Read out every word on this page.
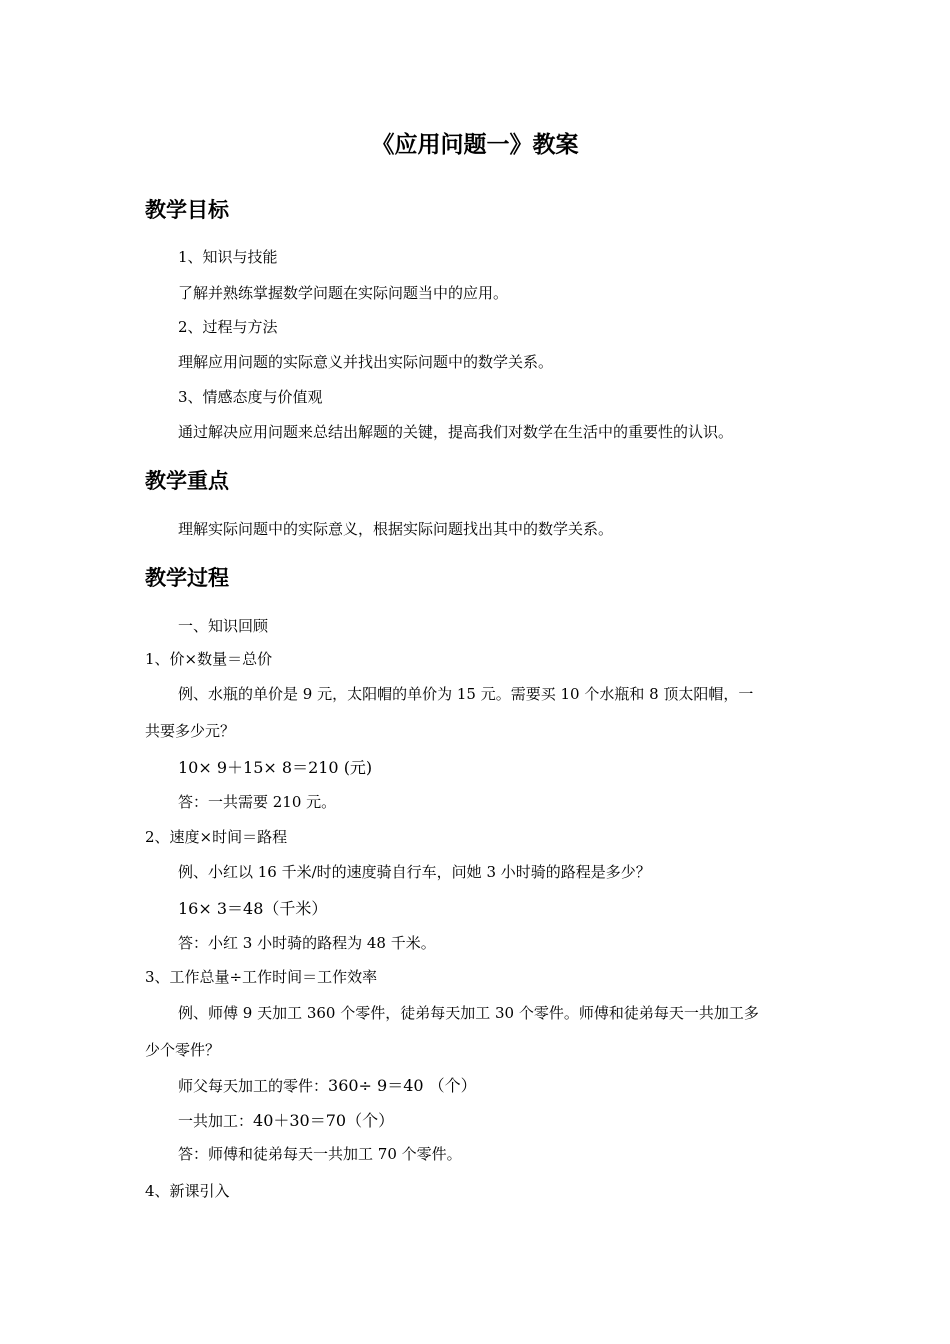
《应用问题一》教案
教学目标
1、知识与技能
了解并熟练掌握数学问题在实际问题当中的应用。
2、过程与方法
理解应用问题的实际意义并找出实际问题中的数学关系。
3、情感态度与价值观
通过解决应用问题来总结出解题的关键，提高我们对数学在生活中的重要性的认识。
教学重点
理解实际问题中的实际意义，根据实际问题找出其中的数学关系。
教学过程
一、知识回顾
1、价×数量＝总价
例、水瓶的单价是 9 元，太阳帽的单价为 15 元。需要买 10 个水瓶和 8 顶太阳帽，一
共要多少元？
10× 9＋15× 8＝210 (元)
答：一共需要 210 元。
2、速度×时间＝路程
例、小红以 16 千米/时的速度骑自行车，问她 3 小时骑的路程是多少？
16× 3＝48（千米）
答：小红 3 小时骑的路程为 48 千米。
3、工作总量÷工作时间＝工作效率
例、师傅 9 天加工 360 个零件，徒弟每天加工 30 个零件。师傅和徒弟每天一共加工多
少个零件？
师父每天加工的零件：360÷ 9＝40 （个）
一共加工：40＋30＝70（个）
答：师傅和徒弟每天一共加工 70 个零件。
4、新课引入
